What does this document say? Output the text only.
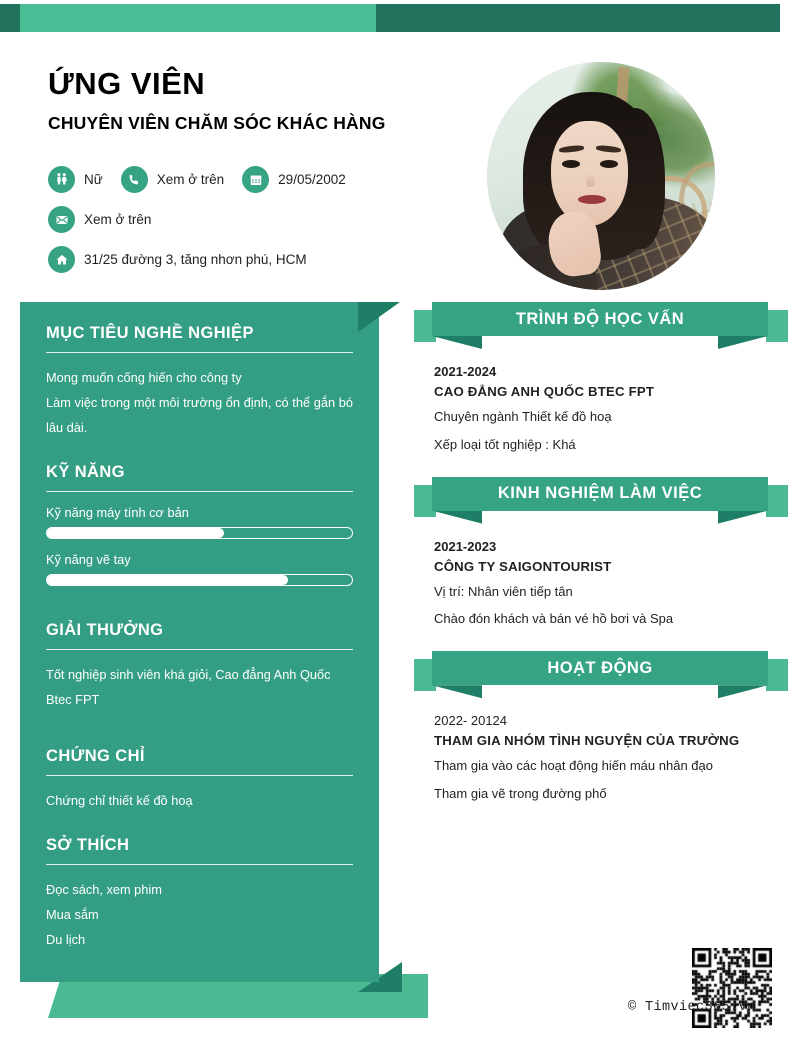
ỨNG VIÊN
CHUYÊN VIÊN CHĂM SÓC KHÁC HÀNG
Nữ	Xem ở trên	29/05/2002
Xem ở trên
31/25 đường 3, tăng nhơn phú, HCM
MỤC TIÊU NGHỀ NGHIỆP

Mong muốn cống hiến cho công ty

Làm việc trong một môi trường ổn định, có thể gắn bó lâu dài.

KỸ NĂNG
Kỹ năng máy tính cơ bản
Kỹ năng vẽ tay
GIẢI THƯỞNG

Tốt nghiệp sinh viên khá giỏi, Cao đẳng Anh Quốc Btec FPT

CHỨNG CHỈ

Chứng chỉ thiết kế đồ hoạ

SỞ THÍCH

Đọc sách, xem phim

Mua sắm

Du lịch

TRÌNH ĐỘ HỌC VẤN

2021-2024

CAO ĐẲNG ANH QUỐC BTEC FPT

Chuyên ngành Thiết kế đồ hoạ

Xếp loại tốt nghiệp : Khá

KINH NGHIỆM LÀM VIỆC

2021-2023

CÔNG TY SAIGONTOURIST

Vị trí: Nhân viên tiếp tân

Chào đón khách và bán vé hồ bơi và Spa

HOẠT ĐỘNG

2022- 20124

THAM GIA NHÓM TÌNH NGUYỆN CỦA TRƯỜNG

Tham gia vào các hoạt động hiến máu nhân đạo

Tham gia vẽ trong đường phố

© Timviec365.vn
